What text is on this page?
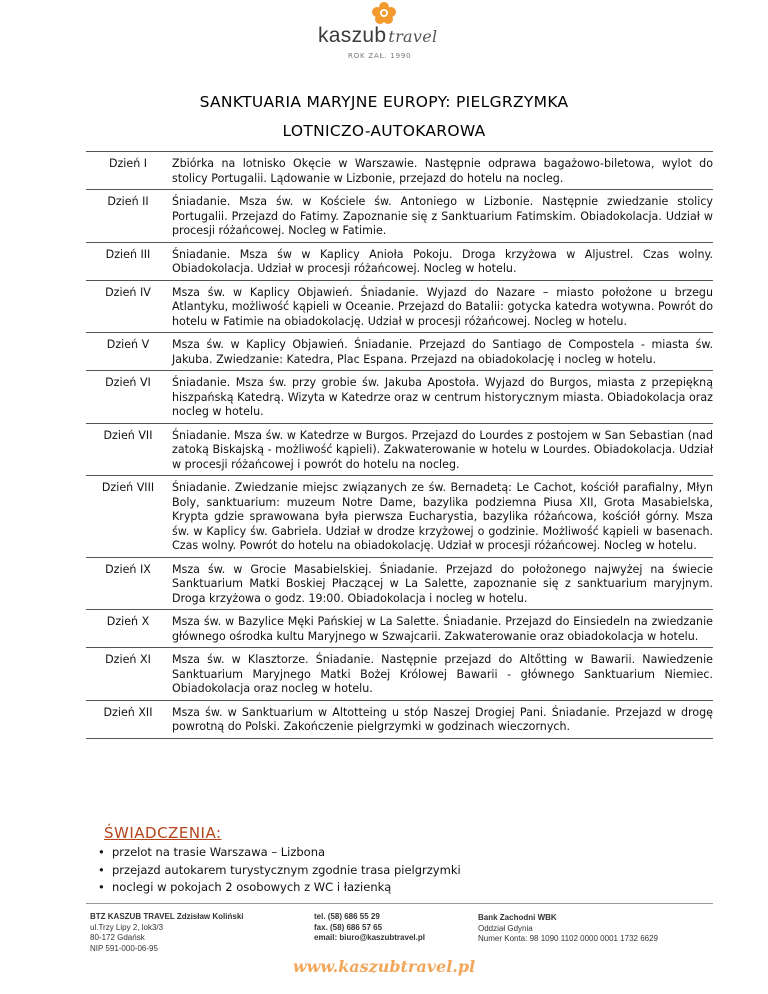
kaszub travel
ROK ZAŁ. 1990
SANKTUARIA MARYJNE EUROPY: PIELGRZYMKA
LOTNICZO-AUTOKAROWA
Dzień I	Zbiórka na lotnisko Okęcie w Warszawie. Następnie odprawa bagażowo-biletowa, wylot do stolicy Portugalii. Lądowanie w Lizbonie, przejazd do hotelu na nocleg.
Dzień II	Śniadanie. Msza św. w Kościele św. Antoniego w Lizbonie. Następnie zwiedzanie stolicy Portugalii. Przejazd do Fatimy. Zapoznanie się z Sanktuarium Fatimskim. Obiadokolacja. Udział w procesji różańcowej. Nocleg w Fatimie.
Dzień III	Śniadanie. Msza św w Kaplicy Anioła Pokoju. Droga krzyżowa w Aljustrel. Czas wolny. Obiadokolacja. Udział w procesji różańcowej. Nocleg w hotelu.
Dzień IV	Msza św. w Kaplicy Objawień. Śniadanie. Wyjazd do Nazare – miasto położone u brzegu Atlantyku, możliwość kąpieli w Oceanie. Przejazd do Batalii: gotycka katedra wotywna. Powrót do hotelu w Fatimie na obiadokolację. Udział w procesji różańcowej. Nocleg w hotelu.
Dzień V	Msza św. w Kaplicy Objawień. Śniadanie. Przejazd do Santiago de Compostela - miasta św. Jakuba. Zwiedzanie: Katedra, Plac Espana. Przejazd na obiadokolację i nocleg w hotelu.
Dzień VI	Śniadanie. Msza św. przy grobie św. Jakuba Apostoła. Wyjazd do Burgos, miasta z przepiękną hiszpańską Katedrą. Wizyta w Katedrze oraz w centrum historycznym miasta. Obiadokolacja oraz nocleg w hotelu.
Dzień VII	Śniadanie. Msza św. w Katedrze w Burgos. Przejazd do Lourdes z postojem w San Sebastian (nad zatoką Biskajską - możliwość kąpieli). Zakwaterowanie w hotelu w Lourdes. Obiadokolacja. Udział w procesji różańcowej i powrót do hotelu na nocleg.
Dzień VIII	Śniadanie. Zwiedzanie miejsc związanych ze św. Bernadetą: Le Cachot, kościół parafialny, Młyn Boly, sanktuarium: muzeum Notre Dame, bazylika podziemna Piusa XII, Grota Masabielska, Krypta gdzie sprawowana była pierwsza Eucharystia, bazylika różańcowa, kościół górny. Msza św. w Kaplicy św. Gabriela. Udział w drodze krzyżowej o godzinie. Możliwość kąpieli w basenach. Czas wolny. Powrót do hotelu na obiadokolację. Udział w procesji różańcowej. Nocleg w hotelu.
Dzień IX	Msza św. w Grocie Masabielskiej. Śniadanie. Przejazd do położonego najwyżej na świecie Sanktuarium Matki Boskiej Płaczącej w La Salette, zapoznanie się z sanktuarium maryjnym. Droga krzyżowa o godz. 19:00. Obiadokolacja i nocleg w hotelu.
Dzień X	Msza św. w Bazylice Męki Pańskiej w La Salette. Śniadanie. Przejazd do Einsiedeln na zwiedzanie głównego ośrodka kultu Maryjnego w Szwajcarii. Zakwaterowanie oraz obiadokolacja w hotelu.
Dzień XI	Msza św. w Klasztorze. Śniadanie. Następnie przejazd do Altőtting w Bawarii. Nawiedzenie Sanktuarium Maryjnego Matki Bożej Królowej Bawarii - głównego Sanktuarium Niemiec. Obiadokolacja oraz nocleg w hotelu.
Dzień XII	Msza św. w Sanktuarium w Altotteing u stóp Naszej Drogiej Pani. Śniadanie. Przejazd w drogę powrotną do Polski. Zakończenie pielgrzymki w godzinach wieczornych.
ŚWIADCZENIA:
• przelot na trasie Warszawa – Lizbona
• przejazd autokarem turystycznym zgodnie trasa pielgrzymki
• noclegi w pokojach 2 osobowych z WC i łazienką
BTZ KASZUB TRAVEL Zdzisław Koliński
ul.Trzy Lipy 2, lok3/3
80-172 Gdańsk
NIP 591-000-06-95
tel. (58) 686 55 29
fax. (58) 686 57 65
email: biuro@kaszubtravel.pl
Bank Zachodni WBK
Oddział Gdynia
Numer Konta: 98 1090 1102 0000 0001 1732 6629
www.kaszubtravel.pl
